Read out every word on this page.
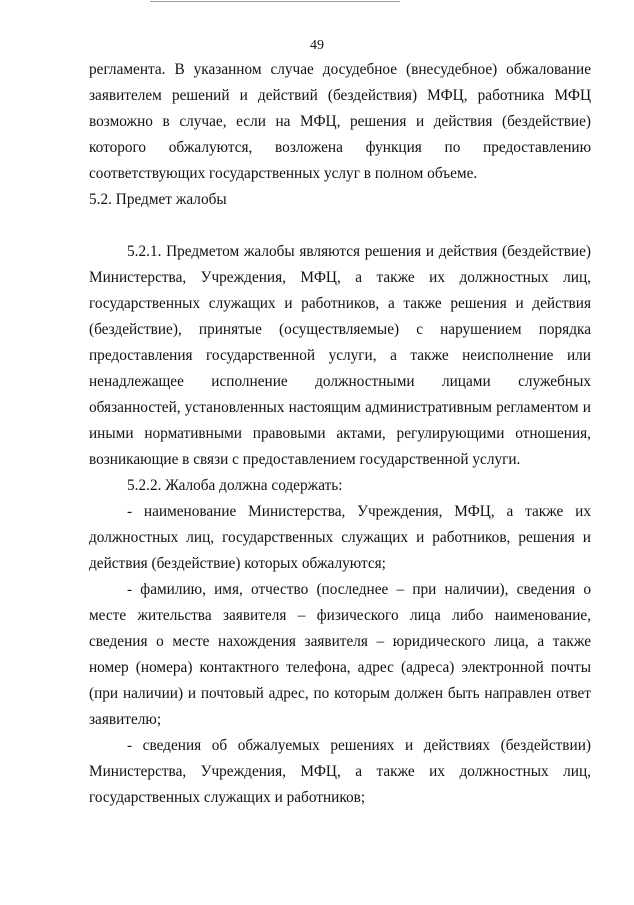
49

регламента. В указанном случае досудебное (внесудебное) обжалование заявителем решений и действий (бездействия) МФЦ, работника МФЦ возможно в случае, если на МФЦ, решения и действия (бездействие) которого обжалуются, возложена функция по предоставлению соответствующих государственных услуг в полном объеме.

5.2. Предмет жалобы

5.2.1. Предметом жалобы являются решения и действия (бездействие) Министерства, Учреждения, МФЦ, а также их должностных лиц, государственных служащих и работников, а также решения и действия (бездействие), принятые (осуществляемые) с нарушением порядка предоставления государственной услуги, а также неисполнение или ненадлежащее исполнение должностными лицами служебных обязанностей, установленных настоящим административным регламентом и иными нормативными правовыми актами, регулирующими отношения, возникающие в связи с предоставлением государственной услуги.

5.2.2. Жалоба должна содержать:

- наименование Министерства, Учреждения, МФЦ, а также их должностных лиц, государственных служащих и работников, решения и действия (бездействие) которых обжалуются;

- фамилию, имя, отчество (последнее – при наличии), сведения о месте жительства заявителя – физического лица либо наименование, сведения о месте нахождения заявителя – юридического лица, а также номер (номера) контактного телефона, адрес (адреса) электронной почты (при наличии) и почтовый адрес, по которым должен быть направлен ответ заявителю;

- сведения об обжалуемых решениях и действиях (бездействии) Министерства, Учреждения, МФЦ, а также их должностных лиц, государственных служащих и работников;
